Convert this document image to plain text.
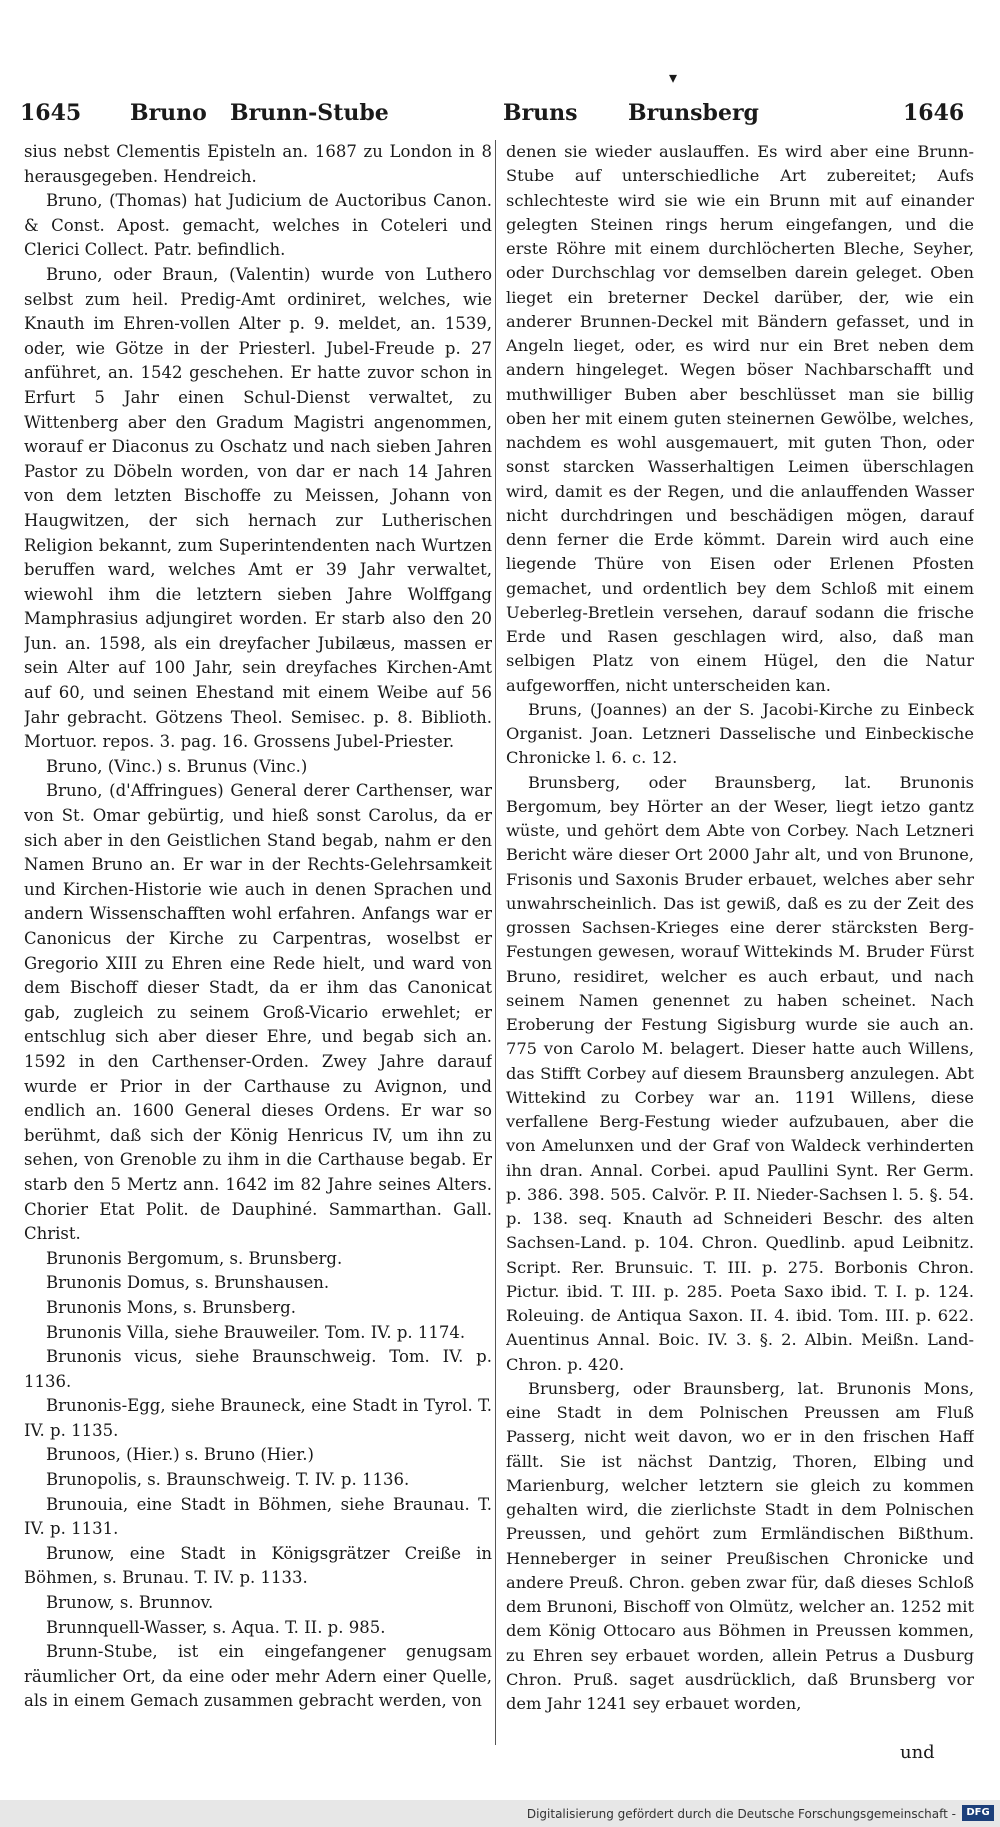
▾
1645 Bruno Brunn-Stube	Bruns Brunsberg	1646

sius nebst Clementis Episteln an. 1687 zu London in 8 herausgegeben. Hendreich.

Bruno, (Thomas) hat Judicium de Auctoribus Canon. & Const. Apost. gemacht, welches in Coteleri und Clerici Collect. Patr. befindlich.

Bruno, oder Braun, (Valentin) wurde von Luthero selbst zum heil. Predig-Amt ordiniret, welches, wie Knauth im Ehren-vollen Alter p. 9. meldet, an. 1539, oder, wie Götze in der Priesterl. Jubel-Freude p. 27 anführet, an. 1542 geschehen. Er hatte zuvor schon in Erfurt 5 Jahr einen Schul-Dienst verwaltet, zu Wittenberg aber den Gradum Magistri angenommen, worauf er Diaconus zu Oschatz und nach sieben Jahren Pastor zu Döbeln worden, von dar er nach 14 Jahren von dem letzten Bischoffe zu Meissen, Johann von Haugwitzen, der sich hernach zur Lutherischen Religion bekannt, zum Superintendenten nach Wurtzen beruffen ward, welches Amt er 39 Jahr verwaltet, wiewohl ihm die letztern sieben Jahre Wolffgang Mamphrasius adjungiret worden. Er starb also den 20 Jun. an. 1598, als ein dreyfacher Jubilæus, massen er sein Alter auf 100 Jahr, sein dreyfaches Kirchen-Amt auf 60, und seinen Ehestand mit einem Weibe auf 56 Jahr gebracht. Götzens Theol. Semisec. p. 8. Biblioth. Mortuor. repos. 3. pag. 16. Grossens Jubel-Priester.

Bruno, (Vinc.) s. Brunus (Vinc.)

Bruno, (d'Affringues) General derer Carthenser, war von St. Omar gebürtig, und hieß sonst Carolus, da er sich aber in den Geistlichen Stand begab, nahm er den Namen Bruno an. Er war in der Rechts-Gelehrsamkeit und Kirchen-Historie wie auch in denen Sprachen und andern Wissenschafften wohl erfahren. Anfangs war er Canonicus der Kirche zu Carpentras, woselbst er Gregorio XIII zu Ehren eine Rede hielt, und ward von dem Bischoff dieser Stadt, da er ihm das Canonicat gab, zugleich zu seinem Groß-Vicario erwehlet; er entschlug sich aber dieser Ehre, und begab sich an. 1592 in den Carthenser-Orden. Zwey Jahre darauf wurde er Prior in der Carthause zu Avignon, und endlich an. 1600 General dieses Ordens. Er war so berühmt, daß sich der König Henricus IV, um ihn zu sehen, von Grenoble zu ihm in die Carthause begab. Er starb den 5 Mertz ann. 1642 im 82 Jahre seines Alters. Chorier Etat Polit. de Dauphiné. Sammarthan. Gall. Christ.

Brunonis Bergomum, s. Brunsberg.

Brunonis Domus, s. Brunshausen.

Brunonis Mons, s. Brunsberg.

Brunonis Villa, siehe Brauweiler. Tom. IV. p. 1174.

Brunonis vicus, siehe Braunschweig. Tom. IV. p. 1136.

Brunonis-Egg, siehe Brauneck, eine Stadt in Tyrol. T. IV. p. 1135.

Brunoos, (Hier.) s. Bruno (Hier.)

Brunopolis, s. Braunschweig. T. IV. p. 1136.

Brunouia, eine Stadt in Böhmen, siehe Braunau. T. IV. p. 1131.

Brunow, eine Stadt in Königsgrätzer Creiße in Böhmen, s. Brunau. T. IV. p. 1133.

Brunow, s. Brunnov.

Brunnquell-Wasser, s. Aqua. T. II. p. 985.

Brunn-Stube, ist ein eingefangener genugsam räumlicher Ort, da eine oder mehr Adern einer Quelle, als in einem Gemach zusammen gebracht werden, von

denen sie wieder auslauffen. Es wird aber eine Brunn-Stube auf unterschiedliche Art zubereitet; Aufs schlechteste wird sie wie ein Brunn mit auf einander gelegten Steinen rings herum eingefangen, und die erste Röhre mit einem durchlöcherten Bleche, Seyher, oder Durchschlag vor demselben darein geleget. Oben lieget ein breterner Deckel darüber, der, wie ein anderer Brunnen-Deckel mit Bändern gefasset, und in Angeln lieget, oder, es wird nur ein Bret neben dem andern hingeleget. Wegen böser Nachbarschafft und muthwilliger Buben aber beschlüsset man sie billig oben her mit einem guten steinernen Gewölbe, welches, nachdem es wohl ausgemauert, mit guten Thon, oder sonst starcken Wasserhaltigen Leimen überschlagen wird, damit es der Regen, und die anlauffenden Wasser nicht durchdringen und beschädigen mögen, darauf denn ferner die Erde kömmt. Darein wird auch eine liegende Thüre von Eisen oder Erlenen Pfosten gemachet, und ordentlich bey dem Schloß mit einem Ueberleg-Bretlein versehen, darauf sodann die frische Erde und Rasen geschlagen wird, also, daß man selbigen Platz von einem Hügel, den die Natur aufgeworffen, nicht unterscheiden kan.

Bruns, (Joannes) an der S. Jacobi-Kirche zu Einbeck Organist. Joan. Letzneri Dasselische und Einbeckische Chronicke l. 6. c. 12.

Brunsberg, oder Braunsberg, lat. Brunonis Bergomum, bey Hörter an der Weser, liegt ietzo gantz wüste, und gehört dem Abte von Corbey. Nach Letzneri Bericht wäre dieser Ort 2000 Jahr alt, und von Brunone, Frisonis und Saxonis Bruder erbauet, welches aber sehr unwahrscheinlich. Das ist gewiß, daß es zu der Zeit des grossen Sachsen-Krieges eine derer stärcksten Berg-Festungen gewesen, worauf Wittekinds M. Bruder Fürst Bruno, residiret, welcher es auch erbaut, und nach seinem Namen genennet zu haben scheinet. Nach Eroberung der Festung Sigisburg wurde sie auch an. 775 von Carolo M. belagert. Dieser hatte auch Willens, das Stifft Corbey auf diesem Braunsberg anzulegen. Abt Wittekind zu Corbey war an. 1191 Willens, diese verfallene Berg-Festung wieder aufzubauen, aber die von Amelunxen und der Graf von Waldeck verhinderten ihn dran. Annal. Corbei. apud Paullini Synt. Rer Germ. p. 386. 398. 505. Calvör. P. II. Nieder-Sachsen l. 5. §. 54. p. 138. seq. Knauth ad Schneideri Beschr. des alten Sachsen-Land. p. 104. Chron. Quedlinb. apud Leibnitz. Script. Rer. Brunsuic. T. III. p. 275. Borbonis Chron. Pictur. ibid. T. III. p. 285. Poeta Saxo ibid. T. I. p. 124. Roleuing. de Antiqua Saxon. II. 4. ibid. Tom. III. p. 622. Auentinus Annal. Boic. IV. 3. §. 2. Albin. Meißn. Land-Chron. p. 420.

Brunsberg, oder Braunsberg, lat. Brunonis Mons, eine Stadt in dem Polnischen Preussen am Fluß Passerg, nicht weit davon, wo er in den frischen Haff fällt. Sie ist nächst Dantzig, Thoren, Elbing und Marienburg, welcher letztern sie gleich zu kommen gehalten wird, die zierlichste Stadt in dem Polnischen Preussen, und gehört zum Ermländischen Bißthum. Henneberger in seiner Preußischen Chronicke und andere Preuß. Chron. geben zwar für, daß dieses Schloß dem Brunoni, Bischoff von Olmütz, welcher an. 1252 mit dem König Ottocaro aus Böhmen in Preussen kommen, zu Ehren sey erbauet worden, allein Petrus a Dusburg Chron. Pruß. saget ausdrücklich, daß Brunsberg vor dem Jahr 1241 sey erbauet worden,

und
Digitalisierung gefördert durch die Deutsche Forschungsgemeinschaft -	DFG
